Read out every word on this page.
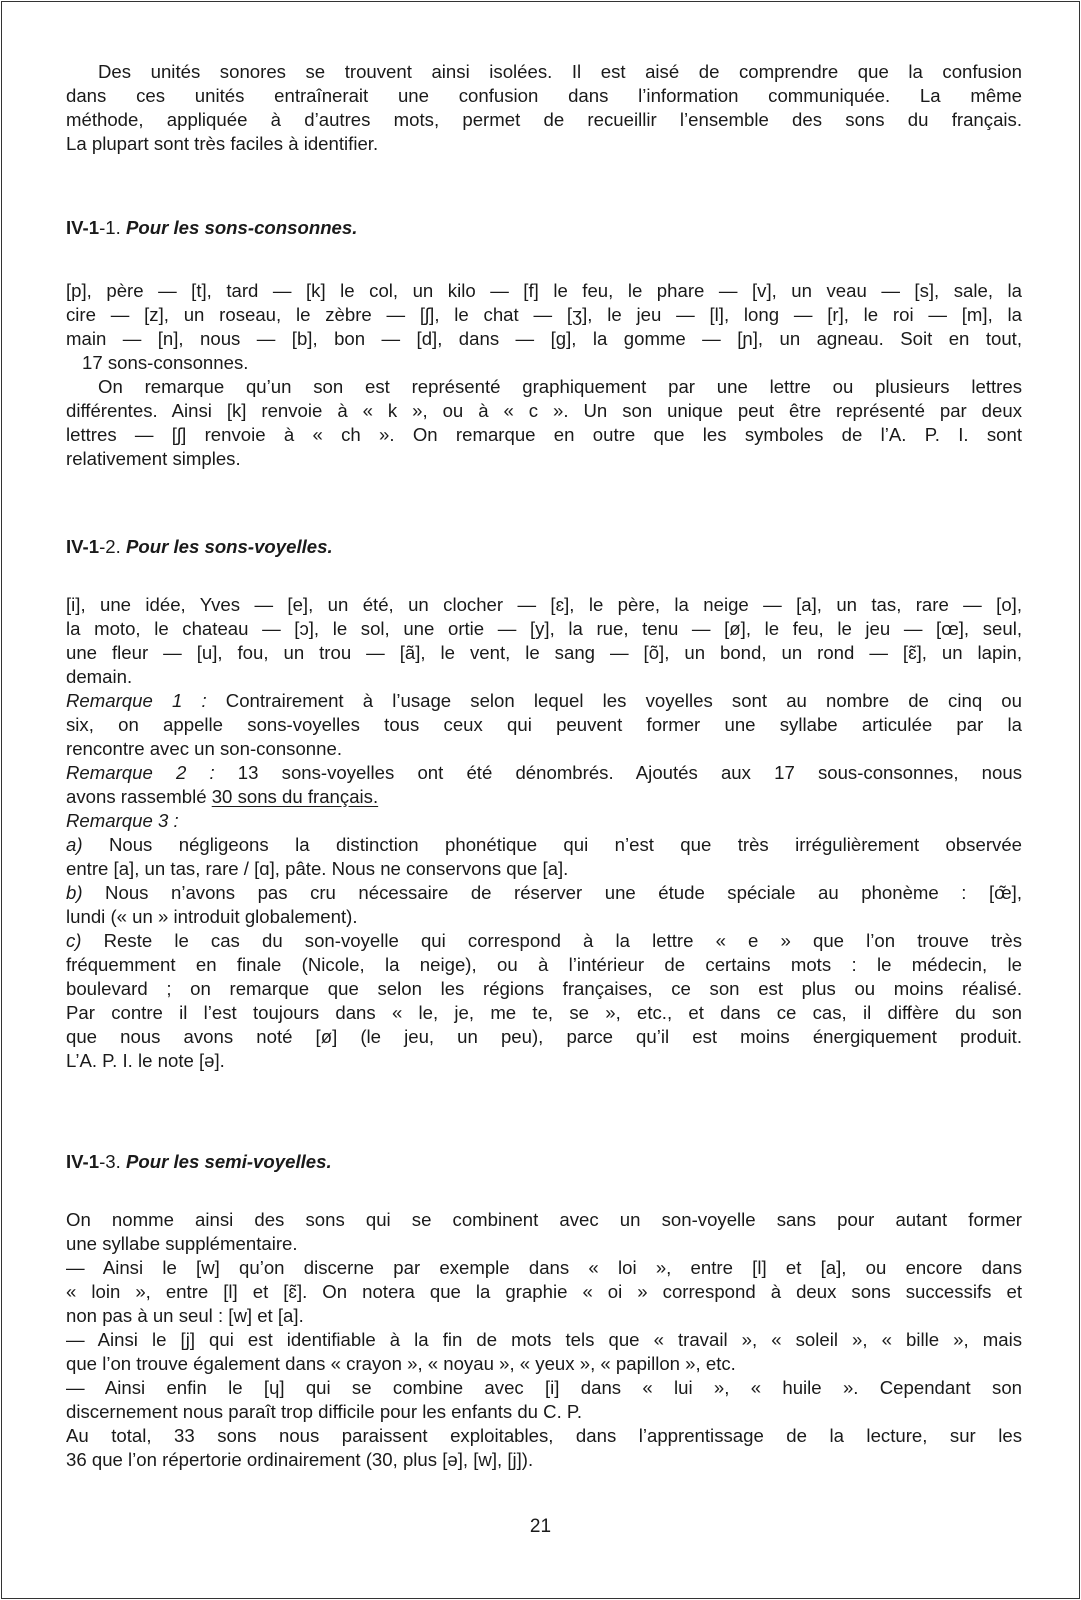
Des unités sonores se trouvent ainsi isolées. Il est aisé de comprendre que la confusion
dans ces unités entraînerait une confusion dans l’information communiquée. La même
méthode, appliquée à d’autres mots, permet de recueillir l’ensemble des sons du français.
La plupart sont très faciles à identifier.
IV-1-1. Pour les sons-consonnes.
[p], père — [t], tard — [k] le col, un kilo — [f] le feu, le phare — [v], un veau — [s], sale, la
cire — [z], un roseau, le zèbre — [ʃ], le chat — [ʒ], le jeu — [l], long — [r], le roi — [m], la
main — [n], nous — [b], bon — [d], dans — [g], la gomme — [ɲ], un agneau. Soit en tout,
17 sons-consonnes.
On remarque qu’un son est représenté graphiquement par une lettre ou plusieurs lettres
différentes. Ainsi [k] renvoie à « k », ou à « c ». Un son unique peut être représenté par deux
lettres — [ʃ] renvoie à « ch ». On remarque en outre que les symboles de l’A. P. I. sont
relativement simples.
IV-1-2. Pour les sons-voyelles.
[i], une idée, Yves — [e], un été, un clocher — [ɛ], le père, la neige — [a], un tas, rare — [o],
la moto, le chateau — [ɔ], le sol, une ortie — [y], la rue, tenu — [ø], le feu, le jeu — [œ], seul,
une fleur — [u], fou, un trou — [ã], le vent, le sang — [õ], un bond, un rond — [ɛ̃], un lapin,
demain.
Remarque 1 : Contrairement à l’usage selon lequel les voyelles sont au nombre de cinq ou
six, on appelle sons-voyelles tous ceux qui peuvent former une syllabe articulée par la
rencontre avec un son-consonne.
Remarque 2 : 13 sons-voyelles ont été dénombrés. Ajoutés aux 17 sous-consonnes, nous
avons rassemblé 30 sons du français.
Remarque 3 :
a) Nous négligeons la distinction phonétique qui n’est que très irrégulièrement observée
entre [a], un tas, rare / [ɑ], pâte. Nous ne conservons que [a].
b) Nous n’avons pas cru nécessaire de réserver une étude spéciale au phonème : [œ̃],
lundi (« un » introduit globalement).
c) Reste le cas du son-voyelle qui correspond à la lettre « e » que l’on trouve très
fréquemment en finale (Nicole, la neige), ou à l’intérieur de certains mots : le médecin, le
boulevard ; on remarque que selon les régions françaises, ce son est plus ou moins réalisé.
Par contre il l’est toujours dans « le, je, me te, se », etc., et dans ce cas, il diffère du son
que nous avons noté [ø] (le jeu, un peu), parce qu’il est moins énergiquement produit.
L’A. P. I. le note [ə].
IV-1-3. Pour les semi-voyelles.
On nomme ainsi des sons qui se combinent avec un son-voyelle sans pour autant former
une syllabe supplémentaire.
— Ainsi le [w] qu’on discerne par exemple dans « loi », entre [l] et [a], ou encore dans
« loin », entre [l] et [ɛ̃]. On notera que la graphie « oi » correspond à deux sons successifs et
non pas à un seul : [w] et [a].
— Ainsi le [j] qui est identifiable à la fin de mots tels que « travail », « soleil », « bille », mais
que l’on trouve également dans « crayon », « noyau », « yeux », « papillon », etc.
— Ainsi enfin le [ɥ] qui se combine avec [i] dans « lui », « huile ». Cependant son
discernement nous paraît trop difficile pour les enfants du C. P.
Au total, 33 sons nous paraissent exploitables, dans l’apprentissage de la lecture, sur les
36 que l’on répertorie ordinairement (30, plus [ə], [w], [j]).
21
